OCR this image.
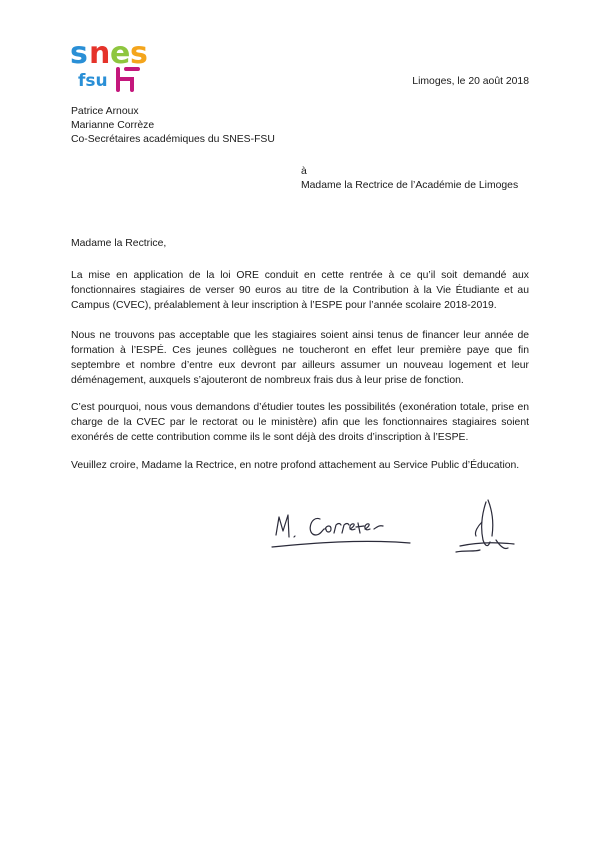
s n e s
fsu	Limoges, le 20 août 2018
Patrice Arnoux
Marianne Corrèze
Co-Secrétaires académiques du SNES-FSU
à
Madame la Rectrice de l’Académie de Limoges
Madame la Rectrice,

La mise en application de la loi ORE conduit en cette rentrée à ce qu’il soit demandé aux fonctionnaires stagiaires de verser 90 euros au titre de la Contribution à la Vie Étudiante et au Campus (CVEC), préalablement à leur inscription à l’ESPE pour l’année scolaire 2018-2019.

Nous ne trouvons pas acceptable que les stagiaires soient ainsi tenus de financer leur année de formation à l’ESPÉ. Ces jeunes collègues ne toucheront en effet leur première paye que fin septembre et nombre d’entre eux devront par ailleurs assumer un nouveau logement et leur déménagement, auxquels s’ajouteront de nombreux frais dus à leur prise de fonction.

C’est pourquoi, nous vous demandons d’étudier toutes les possibilités (exonération totale, prise en charge de la CVEC par le rectorat ou le ministère) afin que les fonctionnaires stagiaires soient exonérés de cette contribution comme ils le sont déjà des droits d’inscription à l’ESPE.

Veuillez croire, Madame la Rectrice, en notre profond attachement au Service Public d’Éducation.
